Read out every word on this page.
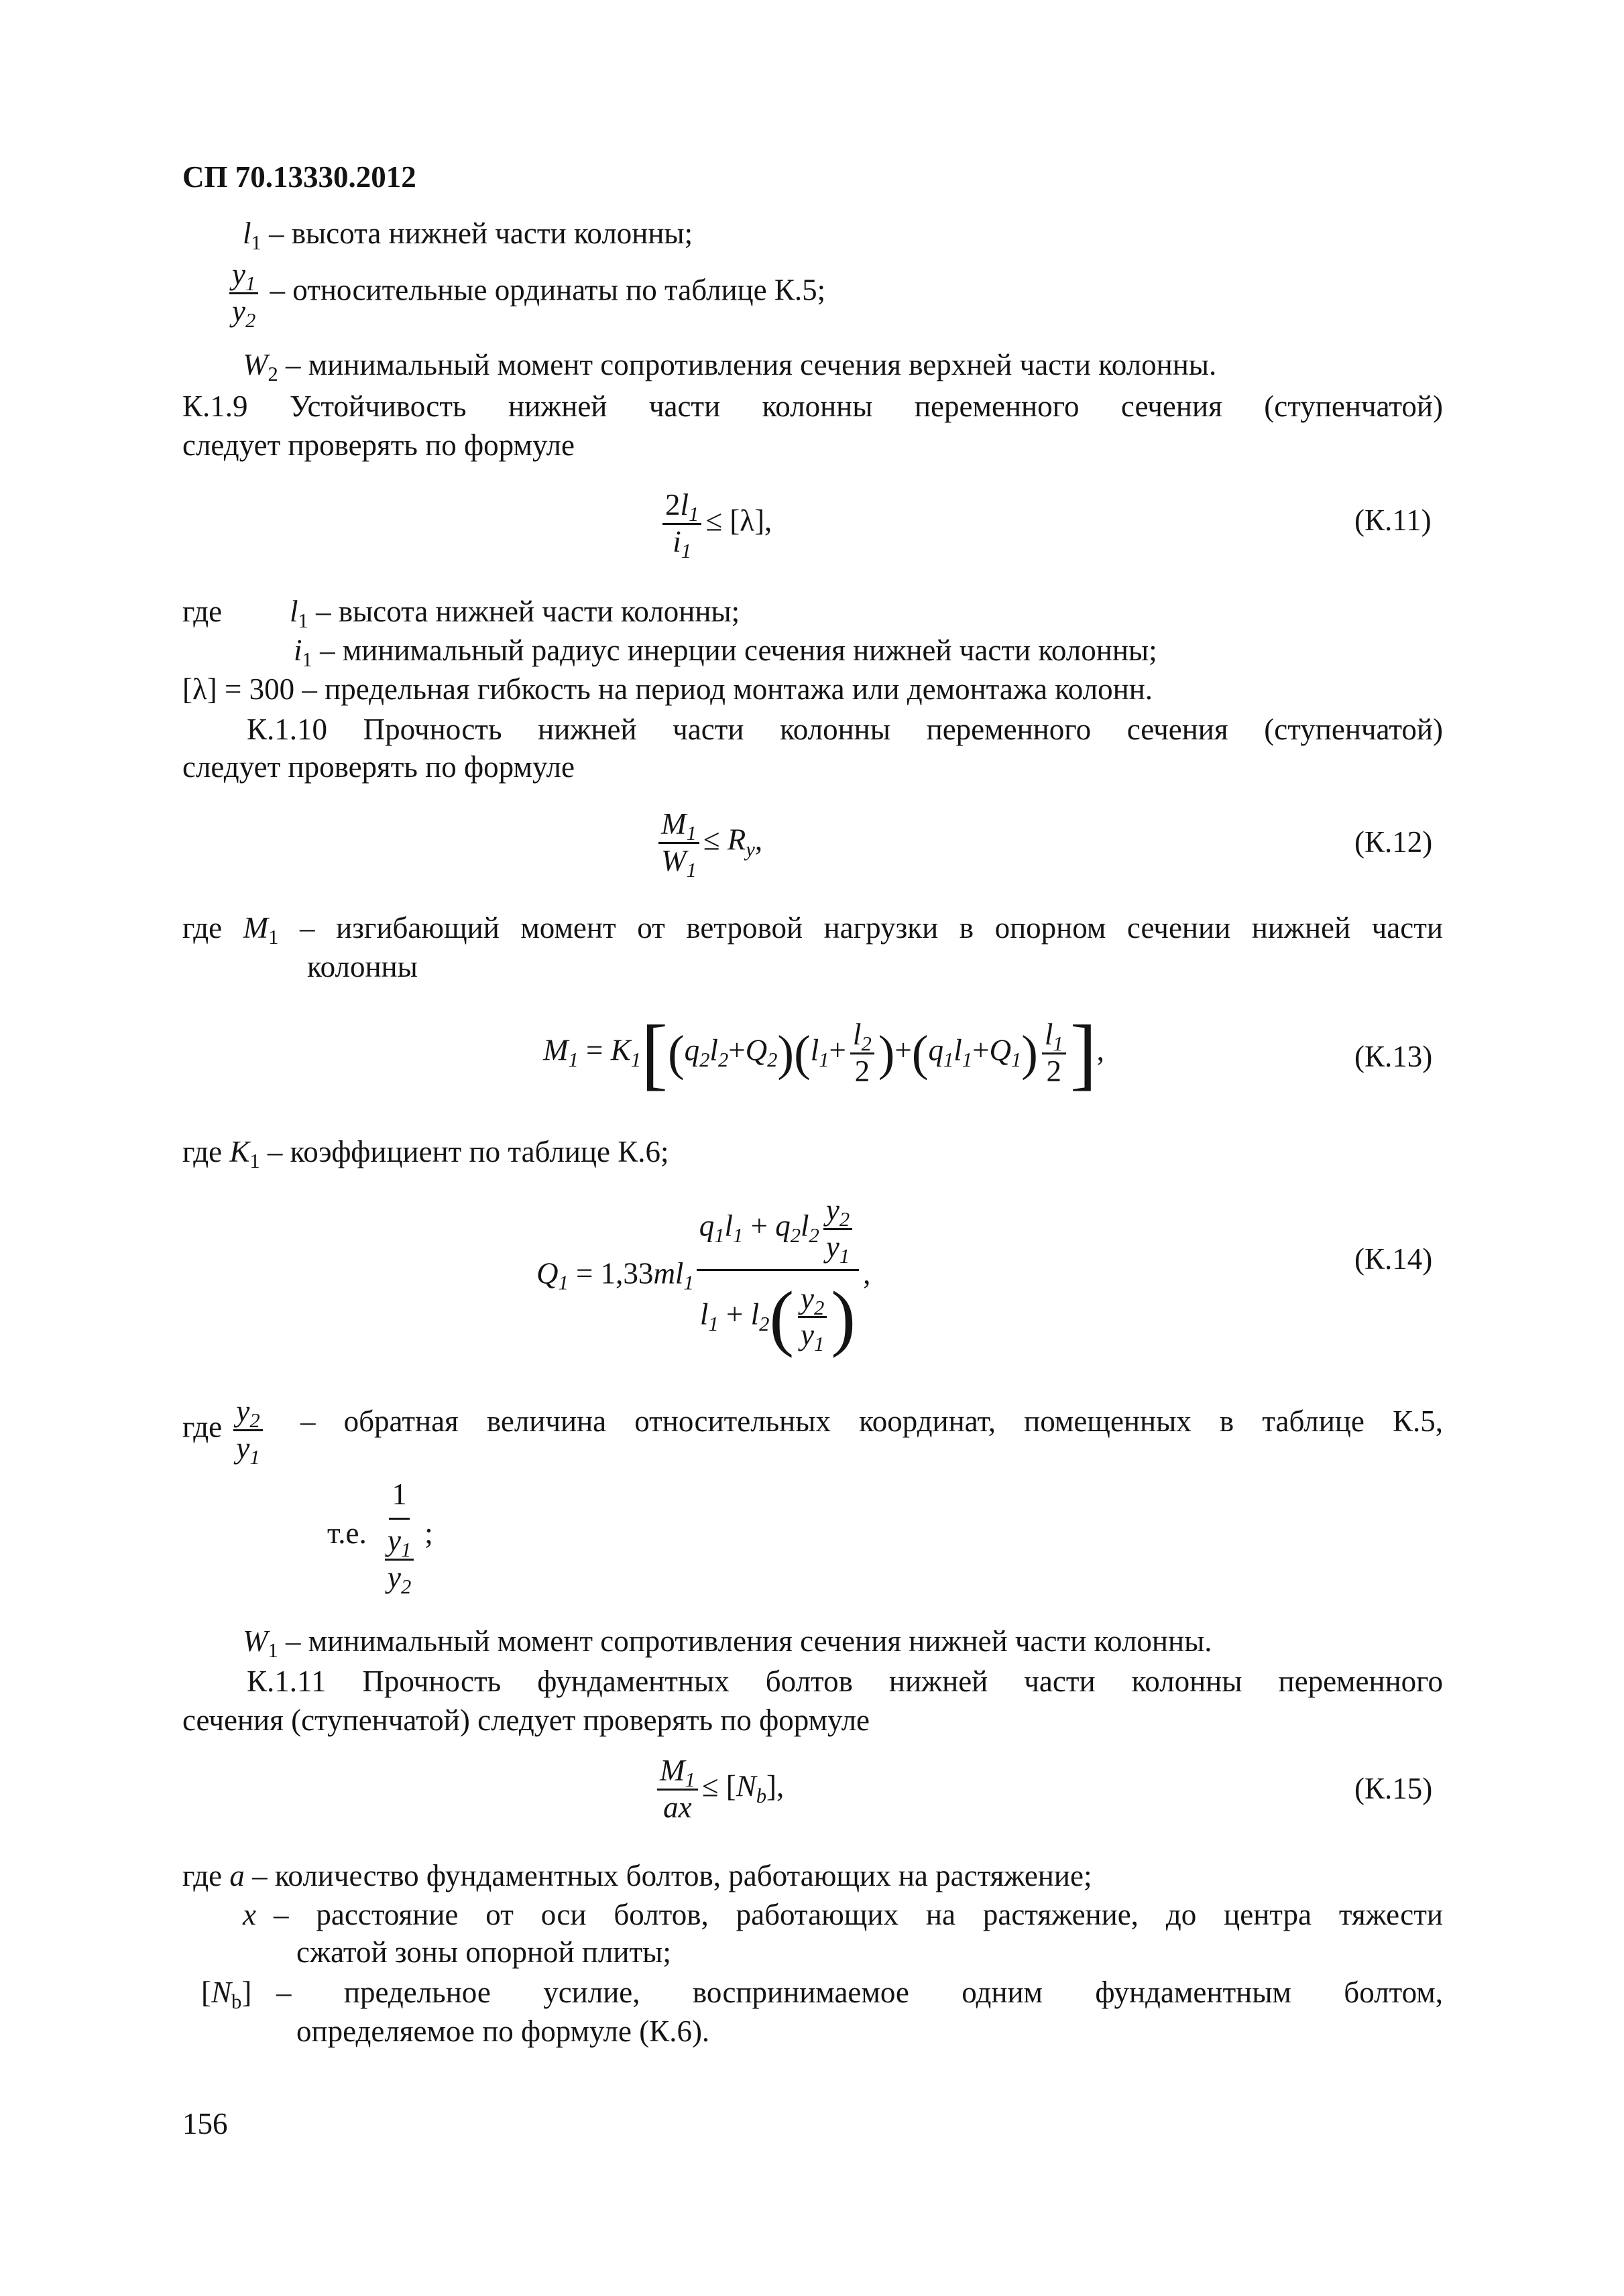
СП 70.13330.2012
$l_1$ – высота нижней части колонны;
$\frac{y_1}{y_2}$ – относительные ординаты по таблице К.5;
$W_2$ – минимальный момент сопротивления сечения верхней части колонны.
К.1.9 Устойчивость нижней части колонны переменного сечения (ступенчатой)
следует проверять по формуле
$\frac{2l_1}{i_1} \le [\lambda]$,	(К.11)
где $l_1$ – высота нижней части колонны;
$i_1$ – минимальный радиус инерции сечения нижней части колонны;
[λ] = 300 – предельная гибкость на период монтажа или демонтажа колонн.
К.1.10 Прочность нижней части колонны переменного сечения (ступенчатой)
следует проверять по формуле
$\frac{M_1}{W_1} \le R_y$,	(К.12)
где $M_1$ – изгибающий момент от ветровой нагрузки в опорном сечении нижней части
колонны
$M_1 = K_1[(q_2l_2+Q_2)(l_1+ \frac{l_2}{2} )+(q_1l_1+Q_1) \frac{l_1}{2}$ ],	(К.13)
где $K_1$ – коэффициент по таблице К.6;
$Q_1 = 1,33ml_1 \frac{q_1l_1 + q_2l_2 \frac{y_2}{y_1}}{l_1 + l_2( \frac{y_2}{y_1} )}$ ,	(К.14)
где $\frac{y_2}{y_1}$ – обратная величина относительных координат, помещенных в таблице К.5,
т.е. $\frac{1}{\frac{y_1}{y_2}}$ ;
$W_1$ – минимальный момент сопротивления сечения нижней части колонны.
К.1.11 Прочность фундаментных болтов нижней части колонны переменного
сечения (ступенчатой) следует проверять по формуле
$\frac{M_1}{ax} \le [N_b]$,	(К.15)
где a – количество фундаментных болтов, работающих на растяжение;
x – расстояние от оси болтов, работающих на растяжение, до центра тяжести
сжатой зоны опорной плиты;
$[N_b]$ – предельное усилие, воспринимаемое одним фундаментным болтом,
определяемое по формуле (К.6).
156
